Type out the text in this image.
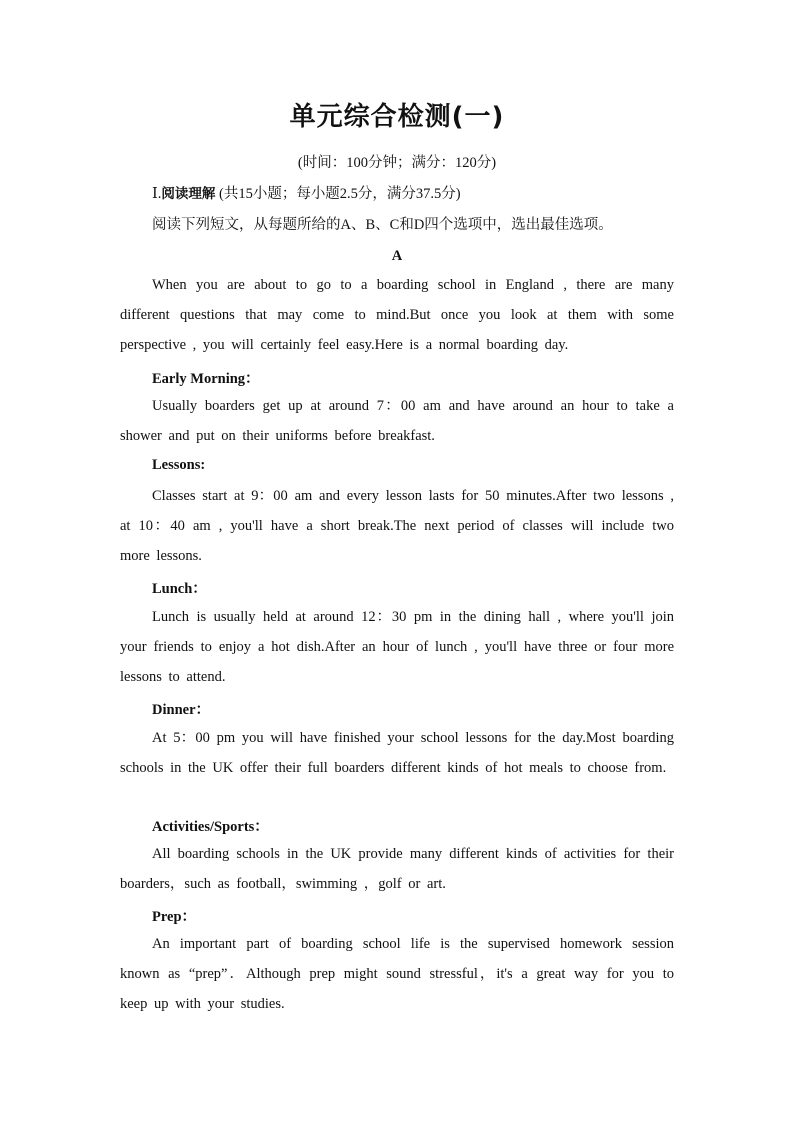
单元综合检测(一)

(时间：100分钟；满分：120分)

Ⅰ.阅读理解 (共15小题；每小题2.5分，满分37.5分)

阅读下列短文，从每题所给的A、B、C和D四个选项中，选出最佳选项。

A

When you are about to go to a boarding school in England , there are many different questions that may come to mind.But once you look at them with some perspective , you will certainly feel easy.Here is a normal boarding day.

Early Morning：

Usually boarders get up at around 7：00 am and have around an hour to take a shower and put on their uniforms before breakfast.

Lessons:

Classes start at 9：00 am and every lesson lasts for 50 minutes.After two lessons , at 10：40 am , you'll have a short break.The next period of classes will include two more lessons.

Lunch：

Lunch is usually held at around 12：30 pm in the dining hall , where you'll join your friends to enjoy a hot dish.After an hour of lunch , you'll have three or four more lessons to attend.

Dinner：

At 5：00 pm you will have finished your school lessons for the day.Most boarding schools in the UK offer their full boarders different kinds of hot meals to choose from.

Activities/Sports：

All boarding schools in the UK provide many different kinds of activities for their boarders，such as football，swimming ，golf or art.

Prep：

An important part of boarding school life is the supervised homework session known as “prep”．Although prep might sound stressful，it's a great way for you to keep up with your studies.
